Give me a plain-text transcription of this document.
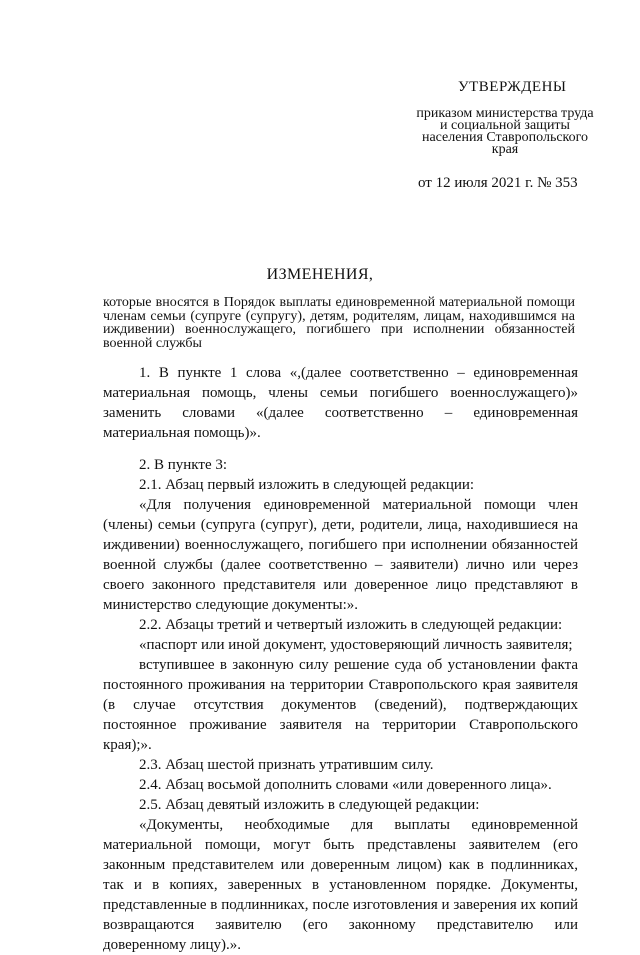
УТВЕРЖДЕНЫ
приказом министерства труда
и социальной защиты
населения Ставропольского
края
от 12 июля 2021 г. № 353
ИЗМЕНЕНИЯ,
которые вносятся в Порядок выплаты единовременной материальной помощи членам семьи (супруге (супругу), детям, родителям, лицам, находившимся на иждивении) военнослужащего, погибшего при исполнении обязанностей военной службы

1. В пункте 1 слова «,(далее соответственно – единовременная материальная помощь, члены семьи погибшего военнослужащего)» заменить словами «(далее соответственно – единовременная материальная помощь)».

2. В пункте 3:

2.1. Абзац первый изложить в следующей редакции:

«Для получения единовременной материальной помощи член (члены) семьи (супруга (супруг), дети, родители, лица, находившиеся на иждивении) военнослужащего, погибшего при исполнении обязанностей военной службы (далее соответственно – заявители) лично или через своего законного представителя или доверенное лицо представляют в министерство следующие документы:».

2.2. Абзацы третий и четвертый изложить в следующей редакции:

«паспорт или иной документ, удостоверяющий личность заявителя;

вступившее в законную силу решение суда об установлении факта постоянного проживания на территории Ставропольского края заявителя (в случае отсутствия документов (сведений), подтверждающих постоянное проживание заявителя на территории Ставропольского края);».

2.3. Абзац шестой признать утратившим силу.

2.4. Абзац восьмой дополнить словами «или доверенного лица».

2.5. Абзац девятый изложить в следующей редакции:

«Документы, необходимые для выплаты единовременной материальной помощи, могут быть представлены заявителем (его законным представителем или доверенным лицом) как в подлинниках, так и в копиях, заверенных в установленном порядке. Документы, представленные в подлинниках, после изготовления и заверения их копий возвращаются заявителю (его законному представителю или доверенному лицу).».
